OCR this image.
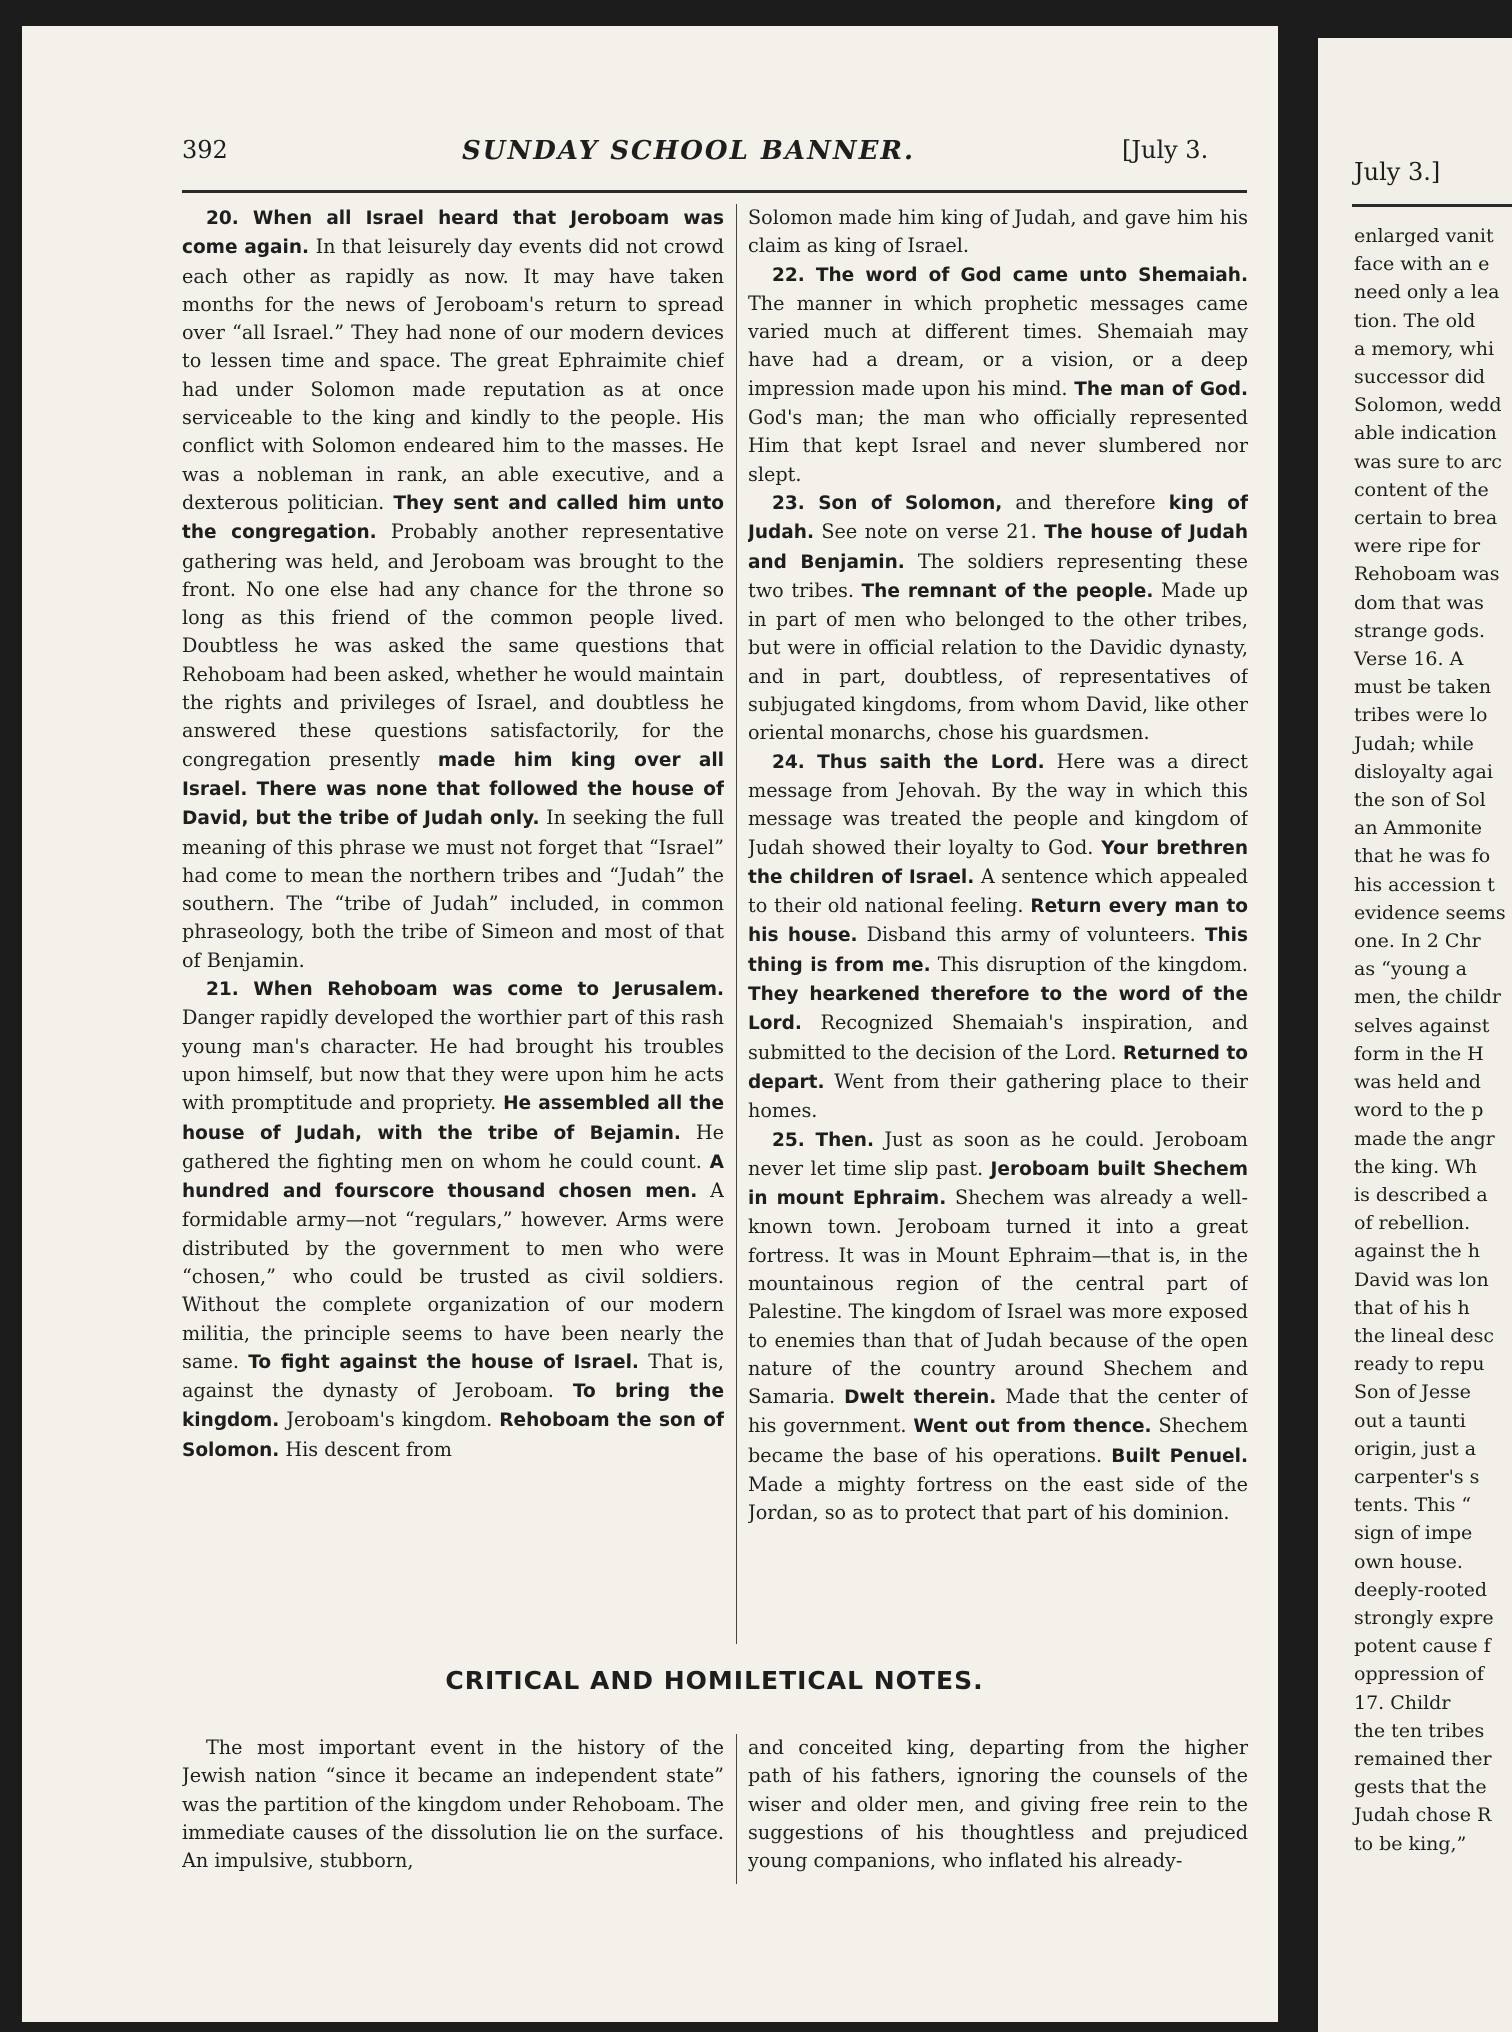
392	SUNDAY SCHOOL BANNER.	[July 3.

20. When all Israel heard that Jeroboam was come again. In that leisurely day events did not crowd each other as rapidly as now. It may have taken months for the news of Jeroboam's return to spread over “all Israel.” They had none of our modern devices to lessen time and space. The great Ephraimite chief had under Solomon made reputation as at once serviceable to the king and kindly to the people. His conflict with Solomon endeared him to the masses. He was a nobleman in rank, an able executive, and a dexterous politician. They sent and called him unto the congregation. Probably another representative gathering was held, and Jeroboam was brought to the front. No one else had any chance for the throne so long as this friend of the common people lived. Doubtless he was asked the same questions that Rehoboam had been asked, whether he would maintain the rights and privileges of Israel, and doubtless he answered these questions satisfactorily, for the congregation presently made him king over all Israel. There was none that followed the house of David, but the tribe of Judah only. In seeking the full meaning of this phrase we must not forget that “Israel” had come to mean the northern tribes and “Judah” the southern. The “tribe of Judah” included, in common phraseology, both the tribe of Simeon and most of that of Benjamin.

21. When Rehoboam was come to Jerusalem. Danger rapidly developed the worthier part of this rash young man's character. He had brought his troubles upon himself, but now that they were upon him he acts with promptitude and propriety. He assembled all the house of Judah, with the tribe of Bejamin. He gathered the fighting men on whom he could count. A hundred and fourscore thousand chosen men. A formidable army—not “regulars,” however. Arms were distributed by the government to men who were “chosen,” who could be trusted as civil soldiers. Without the complete organization of our modern militia, the principle seems to have been nearly the same. To fight against the house of Israel. That is, against the dynasty of Jeroboam. To bring the kingdom. Jeroboam's kingdom. Rehoboam the son of Solomon. His descent from

Solomon made him king of Judah, and gave him his claim as king of Israel.

22. The word of God came unto Shemaiah. The manner in which prophetic messages came varied much at different times. Shemaiah may have had a dream, or a vision, or a deep impression made upon his mind. The man of God. God's man; the man who officially represented Him that kept Israel and never slumbered nor slept.

23. Son of Solomon, and therefore king of Judah. See note on verse 21. The house of Judah and Benjamin. The soldiers representing these two tribes. The remnant of the people. Made up in part of men who belonged to the other tribes, but were in official relation to the Davidic dynasty, and in part, doubtless, of representatives of subjugated kingdoms, from whom David, like other oriental monarchs, chose his guardsmen.

24. Thus saith the Lord. Here was a direct message from Jehovah. By the way in which this message was treated the people and kingdom of Judah showed their loyalty to God. Your brethren the children of Israel. A sentence which appealed to their old national feeling. Return every man to his house. Disband this army of volunteers. This thing is from me. This disruption of the kingdom. They hearkened therefore to the word of the Lord. Recognized Shemaiah's inspiration, and submitted to the decision of the Lord. Returned to depart. Went from their gathering place to their homes.

25. Then. Just as soon as he could. Jeroboam never let time slip past. Jeroboam built Shechem in mount Ephraim. Shechem was already a well-known town. Jeroboam turned it into a great fortress. It was in Mount Ephraim—that is, in the mountainous region of the central part of Palestine. The kingdom of Israel was more exposed to enemies than that of Judah because of the open nature of the country around Shechem and Samaria. Dwelt therein. Made that the center of his government. Went out from thence. Shechem became the base of his operations. Built Penuel. Made a mighty fortress on the east side of the Jordan, so as to protect that part of his dominion.

CRITICAL AND HOMILETICAL NOTES.

The most important event in the history of the Jewish nation “since it became an independent state” was the partition of the kingdom under Rehoboam. The immediate causes of the dissolution lie on the surface. An impulsive, stubborn,

and conceited king, departing from the higher path of his fathers, ignoring the counsels of the wiser and older men, and giving free rein to the suggestions of his thoughtless and prejudiced young companions, who inflated his already-

July 3.]
enlarged vanit
face with an e
need only a lea
tion. The old
a memory, whi
successor did
Solomon, wedd
able indication
was sure to arc
content of the
certain to brea
were ripe for
Rehoboam was
dom that was
strange gods.
Verse 16. A
must be taken
tribes were lo
Judah; while
disloyalty agai
the son of Sol
an Ammonite
that he was fo
his accession t
evidence seems
one. In 2 Chr
as “young a
men, the childr
selves against
form in the H
was held and
word to the p
made the angr
the king. Wh
is described a
of rebellion.
against the h
David was lon
that of his h
the lineal desc
ready to repu
Son of Jesse
out a taunti
origin, just a
carpenter's s
tents. This “
sign of impe
own house.
deeply-rooted
strongly expre
potent cause f
oppression of
17. Childr
the ten tribes
remained ther
gests that the
Judah chose R
to be king,”
